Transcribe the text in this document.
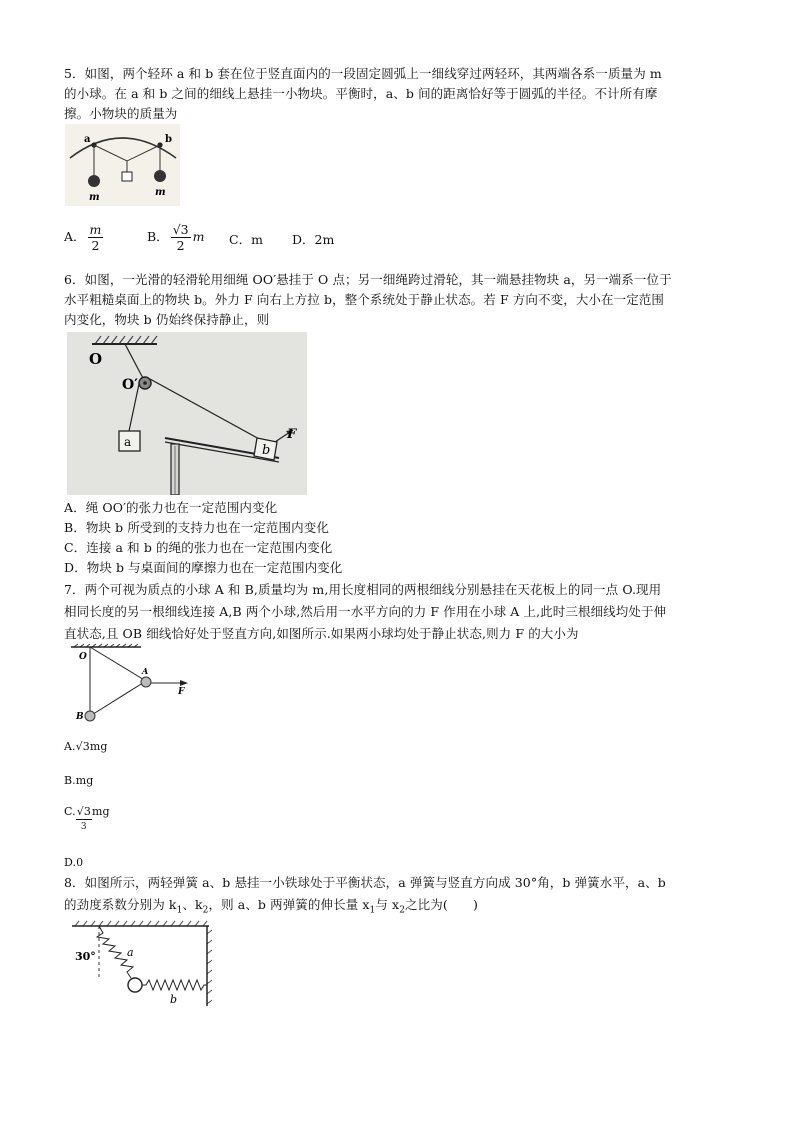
5．如图，两个轻环 a 和 b 套在位于竖直面内的一段固定圆弧上一细线穿过两轻环，其两端各系一质量为 m
的小球。在 a 和 b 之间的细线上悬挂一小物块。平衡时，a、b 间的距离恰好等于圆弧的半径。不计所有摩
擦。小物块的质量为
a	b
m	m
A． $\frac{m}{2}$	B． $\frac{√3}{2}$ m C．m D．2m
6．如图，一光滑的轻滑轮用细绳 OO′悬挂于 O 点；另一细绳跨过滑轮，其一端悬挂物块 a，另一端系一位于
水平粗糙桌面上的物块 b。外力 F 向右上方拉 b，整个系统处于静止状态。若 F 方向不变，大小在一定范围
内变化，物块 b 仍始终保持静止，则
O
O′
a
b
F
A．绳 OO′的张力也在一定范围内变化
B．物块 b 所受到的支持力也在一定范围内变化
C．连接 a 和 b 的绳的张力也在一定范围内变化
D．物块 b 与桌面间的摩擦力也在一定范围内变化
7．两个可视为质点的小球 A 和 B,质量均为 m,用长度相同的两根细线分别悬挂在天花板上的同一点 O.现用
相同长度的另一根细线连接 A,B 两个小球,然后用一水平方向的力 F 作用在小球 A 上,此时三根细线均处于伸
直状态,且 OB 细线恰好处于竖直方向,如图所示.如果两小球均处于静止状态,则力 F 的大小为
O
A
B
F
A.√3mg
B.mg
C. √3
3
mg
D.0
8．如图所示，两轻弹簧 a、b 悬挂一小铁球处于平衡状态，a 弹簧与竖直方向成 30°角，b 弹簧水平，a、b
的劲度系数分别为 $k_1$、$k_2$，则 a、b 两弹簧的伸长量 $x_1$与 $x_2$之比为(　　)
30°	a
b
